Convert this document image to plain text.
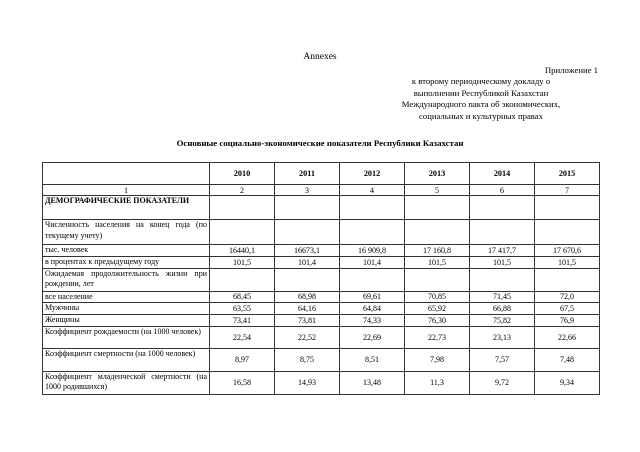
Annexes
Приложение 1
к второму периодическому докладу о
выполнении Республикой Казахстан
Международного пакта об экономических,
социальных и культурных правах
Основные социально-экономические показатели Республики Казахстан
	2010	2011	2012	2013	2014	2015
1	2	3	4	5	6	7
ДЕМОГРАФИЧЕСКИЕ ПОКАЗАТЕЛИ						
Численность населения на конец года (по текущему учету)						
тыс. человек	16440,1	16673,1	16 909,8	17 160,8	17 417,7	17 670,6
в процентах к предыдущему году	101,5	101,4	101,4	101,5	101,5	101,5
Ожидаемая продолжительность жизни при рождении, лет						
все население	68,45	68,98	69,61	70,85	71,45	72,0
Мужчины	63,55	64,16	64,84	65,92	66,88	67,5
Женщины	73,41	73,81	74,33	76,30	75,82	76,9
Коэффициент рождаемости (на 1000 человек)	22,54	22,52	22,69	22,73	23,13	22,66
Коэффициент смертности (на 1000 человек)	8,97	8,75	8,51	7,98	7,57	7,48
Коэффициент младенческой смертности (на 1000 родившихся)	16,58	14,93	13,48	11,3	9,72	9,34
